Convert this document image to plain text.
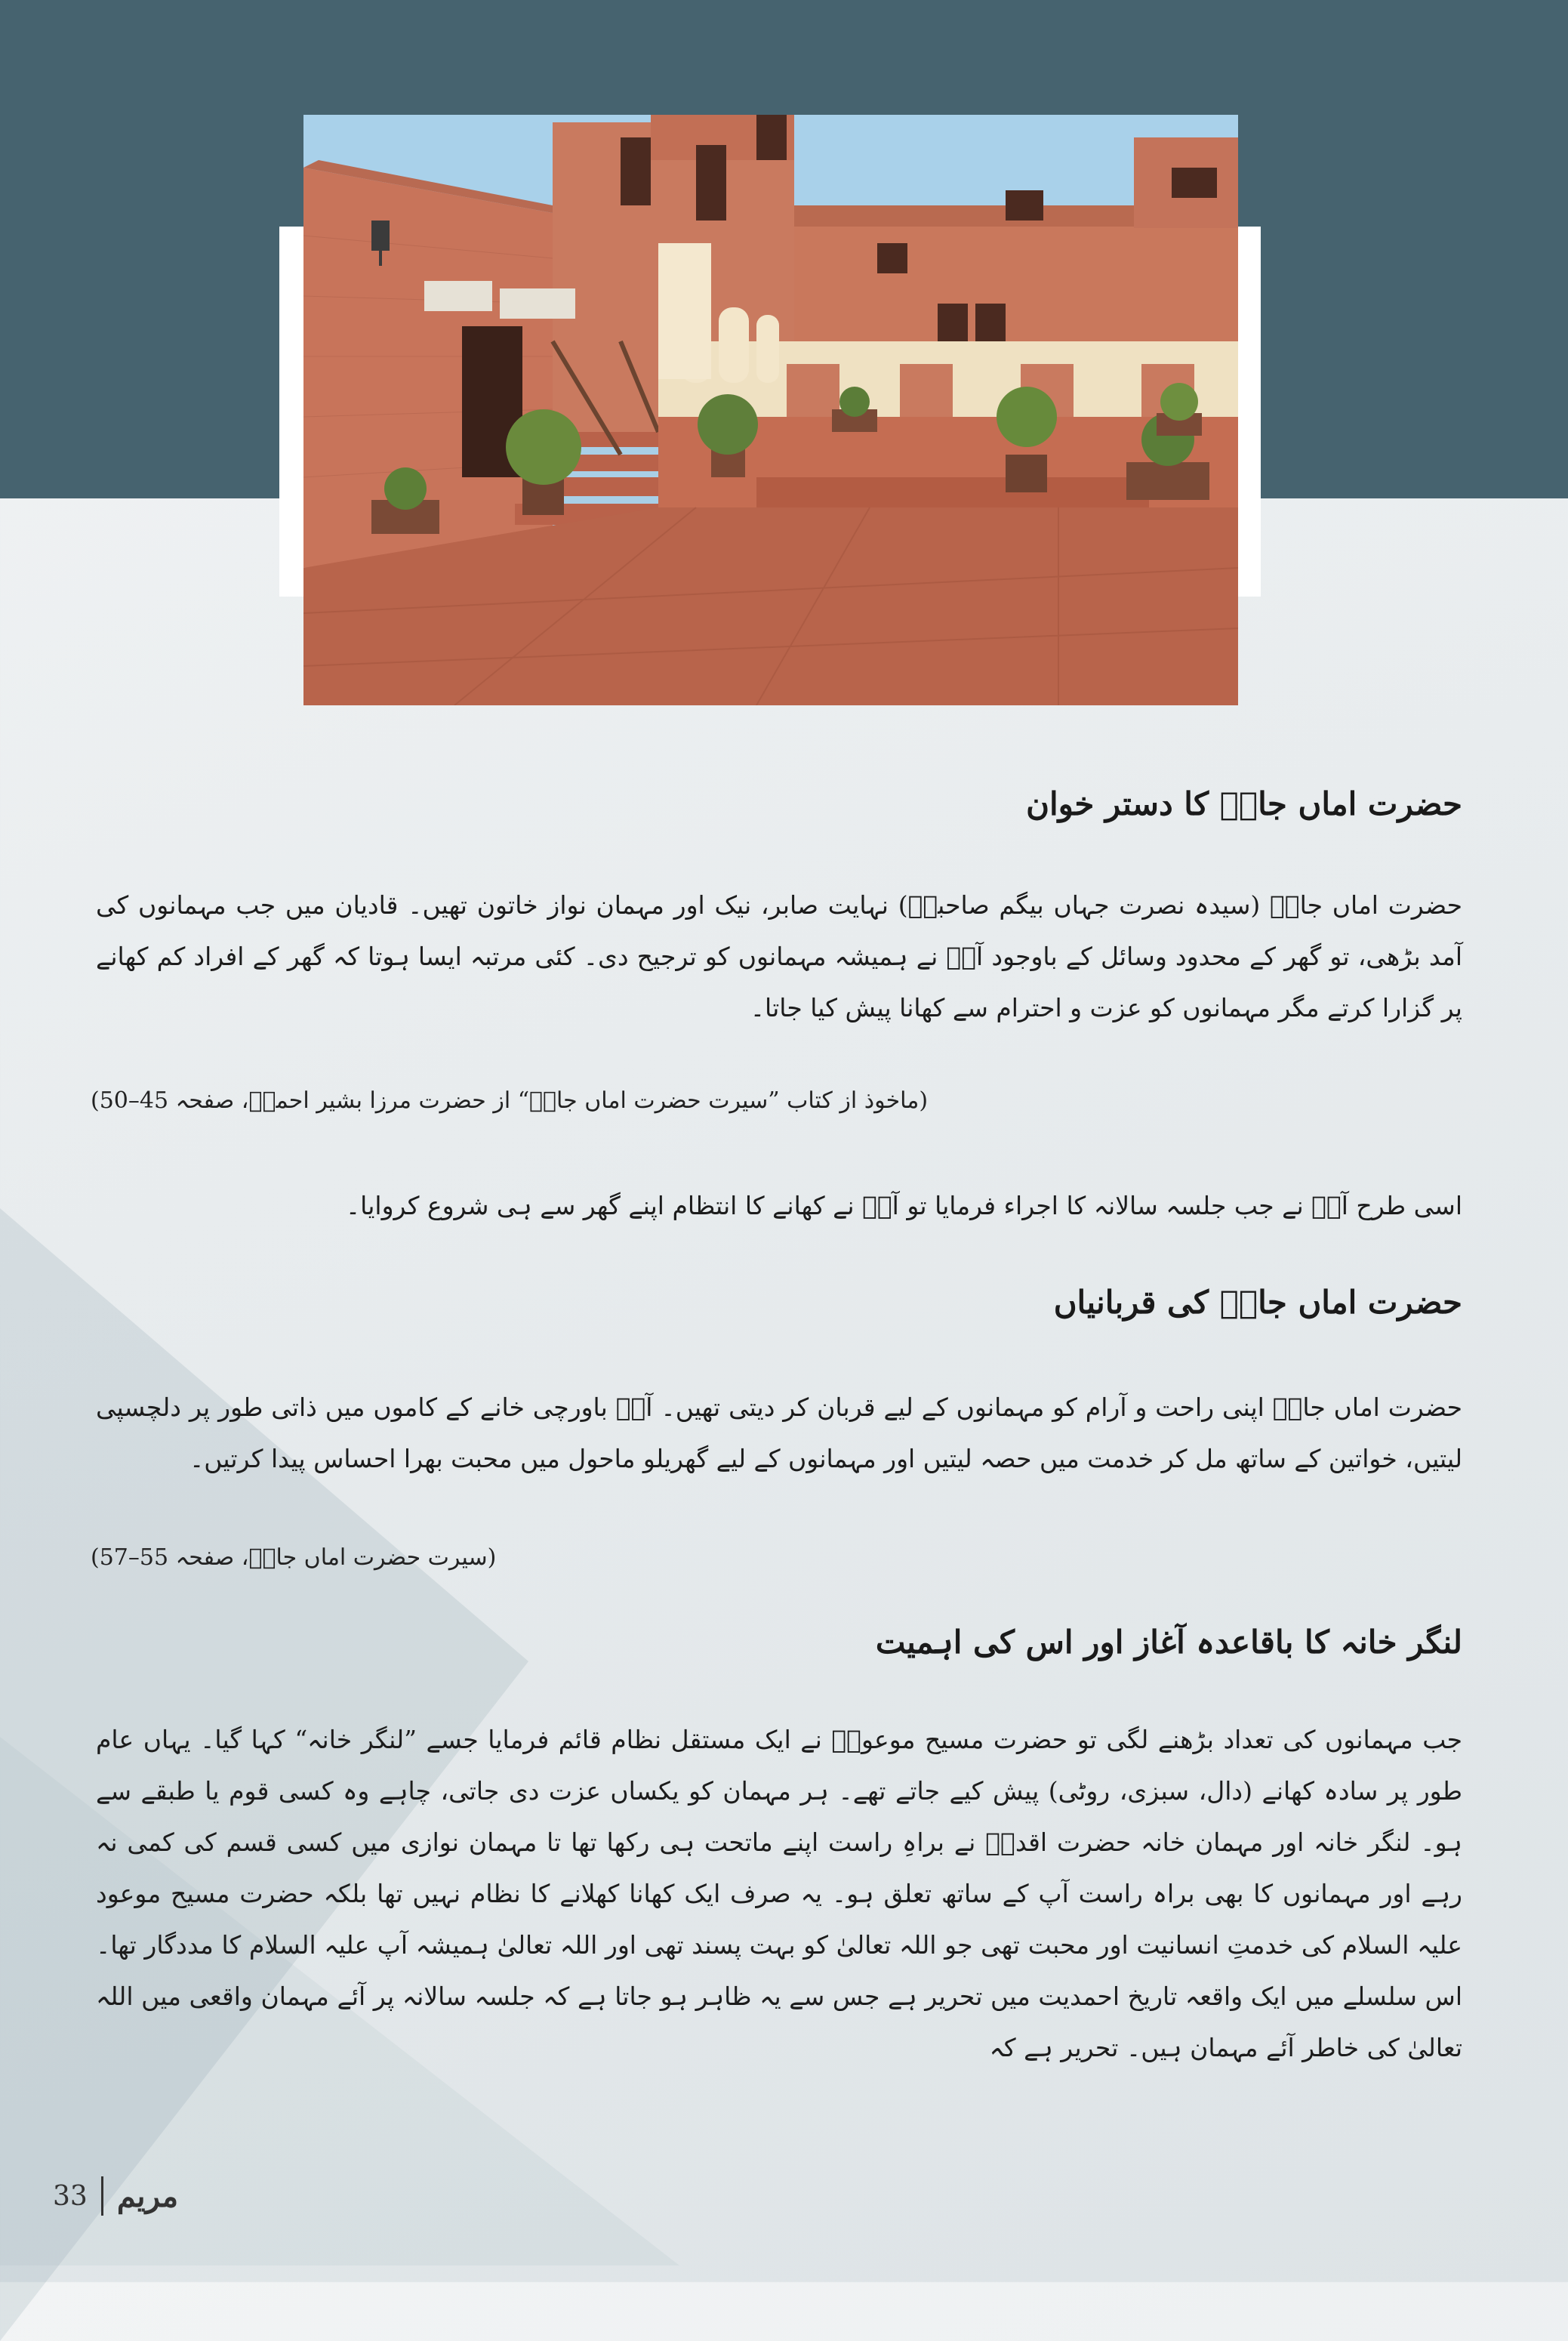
حضرت اماں جانؓ کا دستر خوان
حضرت اماں جانؓ (سیدہ نصرت جہاں بیگم صاحبہؓ) نہایت صابر، نیک اور مہمان نواز خاتون تھیں۔ قادیان میں جب مہمانوں کی آمد بڑھی، تو گھر کے محدود وسائل کے باوجود آپؓ نے ہمیشہ مہمانوں کو ترجیح دی۔ کئی مرتبہ ایسا ہوتا کہ گھر کے افراد کم کھانے پر گزارا کرتے مگر مہمانوں کو عزت و احترام سے کھانا پیش کیا جاتا۔
(ماخوذ از کتاب ”سیرت حضرت اماں جانؓ“ از حضرت مرزا بشیر احمدؓ، صفحہ 45–50)
اسی طرح آپؓ نے جب جلسہ سالانہ کا اجراء فرمایا تو آپؓ نے کھانے کا انتظام اپنے گھر سے ہی شروع کروایا۔
حضرت اماں جانؓ کی قربانیاں
حضرت اماں جانؓ اپنی راحت و آرام کو مہمانوں کے لیے قربان کر دیتی تھیں۔ آپؓ باورچی خانے کے کاموں میں ذاتی طور پر دلچسپی لیتیں، خواتین کے ساتھ مل کر خدمت میں حصہ لیتیں اور مہمانوں کے لیے گھریلو ماحول میں محبت بھرا احساس پیدا کرتیں۔
(سیرت حضرت اماں جانؓ، صفحہ 55–57)
لنگر خانہ کا باقاعدہ آغاز اور اس کی اہمیت
جب مہمانوں کی تعداد بڑھنے لگی تو حضرت مسیح موعودؑ نے ایک مستقل نظام قائم فرمایا جسے ”لنگر خانہ“ کہا گیا۔ یہاں عام طور پر سادہ کھانے (دال، سبزی، روٹی) پیش کیے جاتے تھے۔ ہر مہمان کو یکساں عزت دی جاتی، چاہے وہ کسی قوم یا طبقے سے ہو۔ لنگر خانہ اور مہمان خانہ حضرت اقدسؑ نے براہِ راست اپنے ماتحت ہی رکھا تھا تا مہمان نوازی میں کسی قسم کی کمی نہ رہے اور مہمانوں کا بھی براہ راست آپ کے ساتھ تعلق ہو۔ یہ صرف ایک کھانا کھلانے کا نظام نہیں تھا بلکہ حضرت مسیح موعود علیہ السلام کی خدمتِ انسانیت اور محبت تھی جو اللہ تعالیٰ کو بہت پسند تھی اور اللہ تعالیٰ ہمیشہ آپ علیہ السلام کا مددگار تھا۔ اس سلسلے میں ایک واقعہ تاریخ احمدیت میں تحریر ہے جس سے یہ ظاہر ہو جاتا ہے کہ جلسہ سالانہ پر آئے مہمان واقعی میں اللہ تعالیٰ کی خاطر آئے مہمان ہیں۔ تحریر ہے کہ
33 مریم
